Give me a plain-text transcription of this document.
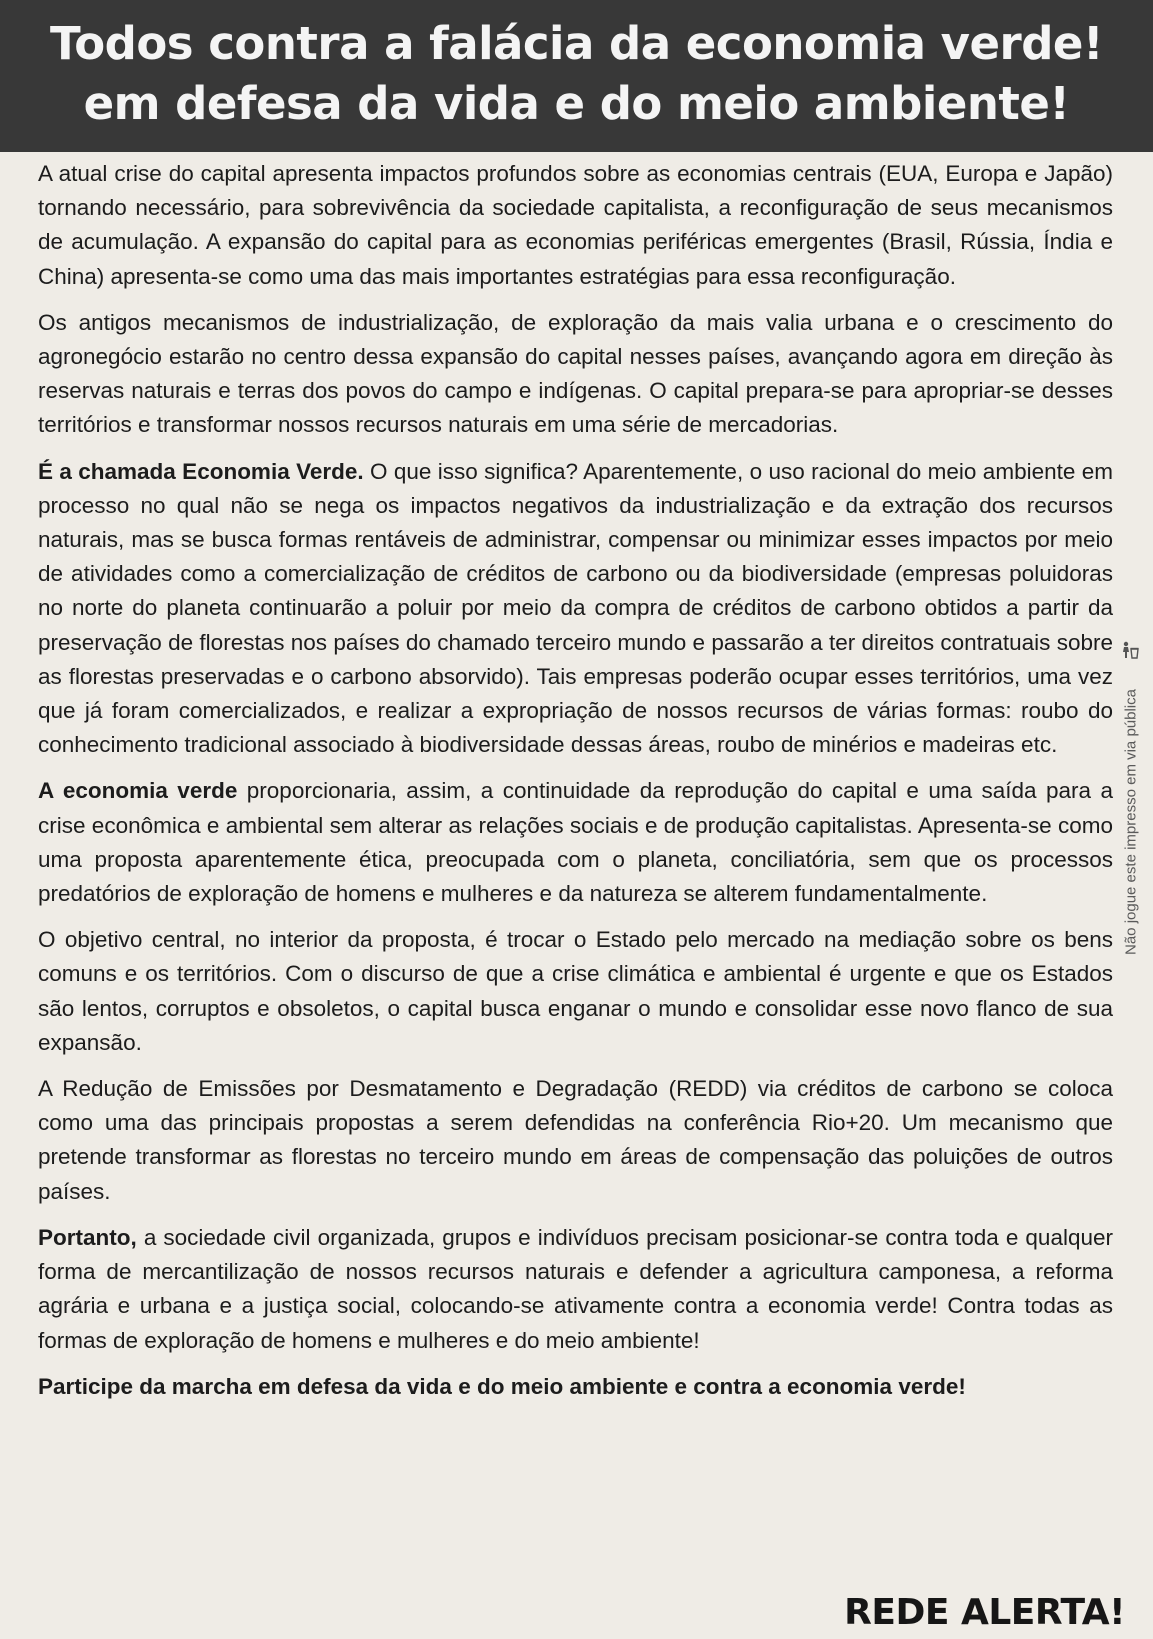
Todos contra a falácia da economia verde!
em defesa da vida e do meio ambiente!

A atual crise do capital apresenta impactos profundos sobre as economias centrais (EUA, Europa e Japão) tornando necessário, para sobrevivência da sociedade capitalista, a reconfiguração de seus mecanismos de acumulação. A expansão do capital para as economias periféricas emergentes (Brasil, Rússia, Índia e China) apresenta-se como uma das mais importantes estratégias para essa reconfiguração.

Os antigos mecanismos de industrialização, de exploração da mais valia urbana e o crescimento do agronegócio estarão no centro dessa expansão do capital nesses países, avançando agora em direção às reservas naturais e terras dos povos do campo e indígenas. O capital prepara-se para apropriar-se desses territórios e transformar nossos recursos naturais em uma série de mercadorias.

É a chamada Economia Verde. O que isso significa? Aparentemente, o uso racional do meio ambiente em processo no qual não se nega os impactos negativos da industrialização e da extração dos recursos naturais, mas se busca formas rentáveis de administrar, compensar ou minimizar esses impactos por meio de atividades como a comercialização de créditos de carbono ou da biodiversidade (empresas poluidoras no norte do planeta continuarão a poluir por meio da compra de créditos de carbono obtidos a partir da preservação de florestas nos países do chamado terceiro mundo e passarão a ter direitos contratuais sobre as florestas preservadas e o carbono absorvido). Tais empresas poderão ocupar esses territórios, uma vez que já foram comercializados, e realizar a expropriação de nossos recursos de várias formas: roubo do conhecimento tradicional associado à biodiversidade dessas áreas, roubo de minérios e madeiras etc.

A economia verde proporcionaria, assim, a continuidade da reprodução do capital e uma saída para a crise econômica e ambiental sem alterar as relações sociais e de produção capitalistas. Apresenta-se como uma proposta aparentemente ética, preocupada com o planeta, conciliatória, sem que os processos predatórios de exploração de homens e mulheres e da natureza se alterem fundamentalmente.

O objetivo central, no interior da proposta, é trocar o Estado pelo mercado na mediação sobre os bens comuns e os territórios. Com o discurso de que a crise climática e ambiental é urgente e que os Estados são lentos, corruptos e obsoletos, o capital busca enganar o mundo e consolidar esse novo flanco de sua expansão.

A Redução de Emissões por Desmatamento e Degradação (REDD) via créditos de carbono se coloca como uma das principais propostas a serem defendidas na conferência Rio+20. Um mecanismo que pretende transformar as florestas no terceiro mundo em áreas de compensação das poluições de outros países.

Portanto, a sociedade civil organizada, grupos e indivíduos precisam posicionar-se contra toda e qualquer forma de mercantilização de nossos recursos naturais e defender a agricultura camponesa, a reforma agrária e urbana e a justiça social, colocando-se ativamente contra a economia verde! Contra todas as formas de exploração de homens e mulheres e do meio ambiente!

Participe da marcha em defesa da vida e do meio ambiente e contra a economia verde!

REDE ALERTA!
Não jogue este impresso em via pública
